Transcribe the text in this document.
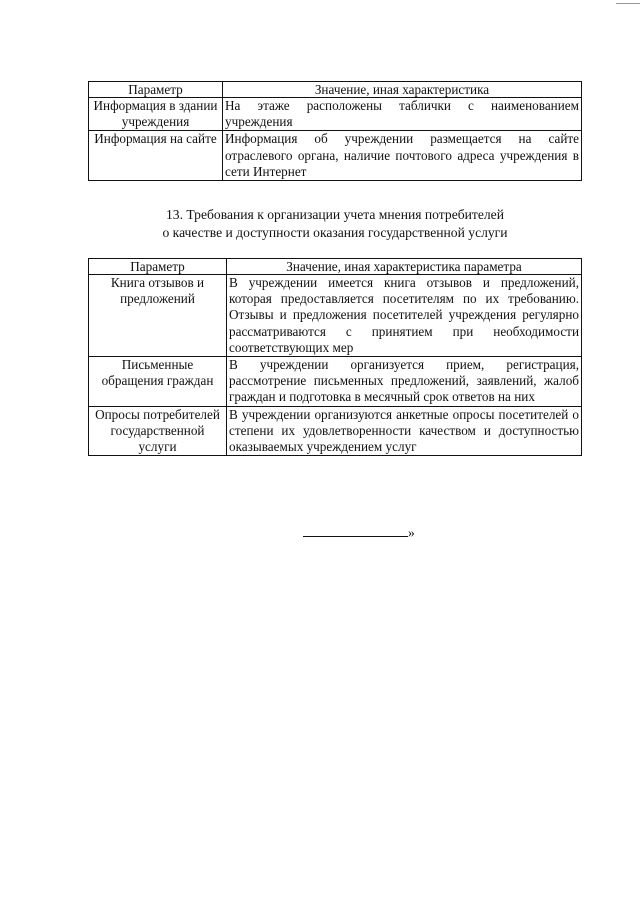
Параметр	Значение, иная характеристика
Информация в здании учреждения	На этаже расположены таблички с наименованием учреждения
Информация на сайте	Информация об учреждении размещается на сайте отраслевого органа, наличие почтового адреса учреждения в сети Интернет
13. Требования к организации учета мнения потребителей
о качестве и доступности оказания государственной услуги
Параметр	Значение, иная характеристика параметра
Книга отзывов и предложений	В учреждении имеется книга отзывов и предложений, которая предоставляется посетителям по их требованию. Отзывы и предложения посетителей учреждения регулярно рассматриваются с принятием при необходимости соответствующих мер
Письменные обращения граждан	В учреждении организуется прием, регистрация, рассмотрение письменных предложений, заявлений, жалоб граждан и подготовка в месячный срок ответов на них
Опросы потребителей государственной услуги	В учреждении организуются анкетные опросы посетителей о степени их удовлетворенности качеством и доступностью оказываемых учреждением услуг
»
